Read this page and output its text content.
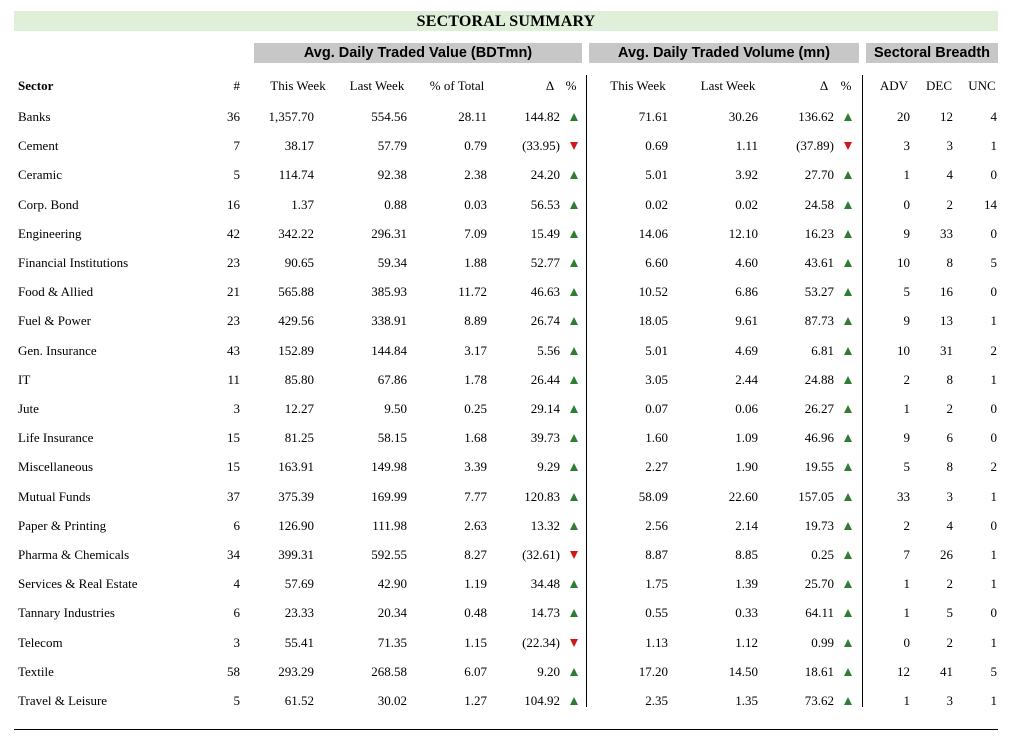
SECTORAL SUMMARY
Avg. Daily Traded Value (BDTmn)	Avg. Daily Traded Volume (mn)	Sectoral Breadth
Sector	#	This Week	Last Week	% of Total	Δ %	This Week	Last Week	Δ %	ADV	DEC	UNC
Banks	36	1,357.70	554.56	28.11	144.82	71.61	30.26	136.62	20	12	4
Cement	7	38.17	57.79	0.79	(33.95)	0.69	1.11	(37.89)	3	3	1
Ceramic	5	114.74	92.38	2.38	24.20	5.01	3.92	27.70	1	4	0
Corp. Bond	16	1.37	0.88	0.03	56.53	0.02	0.02	24.58	0	2	14
Engineering	42	342.22	296.31	7.09	15.49	14.06	12.10	16.23	9	33	0
Financial Institutions	23	90.65	59.34	1.88	52.77	6.60	4.60	43.61	10	8	5
Food & Allied	21	565.88	385.93	11.72	46.63	10.52	6.86	53.27	5	16	0
Fuel & Power	23	429.56	338.91	8.89	26.74	18.05	9.61	87.73	9	13	1
Gen. Insurance	43	152.89	144.84	3.17	5.56	5.01	4.69	6.81	10	31	2
IT	11	85.80	67.86	1.78	26.44	3.05	2.44	24.88	2	8	1
Jute	3	12.27	9.50	0.25	29.14	0.07	0.06	26.27	1	2	0
Life Insurance	15	81.25	58.15	1.68	39.73	1.60	1.09	46.96	9	6	0
Miscellaneous	15	163.91	149.98	3.39	9.29	2.27	1.90	19.55	5	8	2
Mutual Funds	37	375.39	169.99	7.77	120.83	58.09	22.60	157.05	33	3	1
Paper & Printing	6	126.90	111.98	2.63	13.32	2.56	2.14	19.73	2	4	0
Pharma & Chemicals	34	399.31	592.55	8.27	(32.61)	8.87	8.85	0.25	7	26	1
Services & Real Estate	4	57.69	42.90	1.19	34.48	1.75	1.39	25.70	1	2	1
Tannary Industries	6	23.33	20.34	0.48	14.73	0.55	0.33	64.11	1	5	0
Telecom	3	55.41	71.35	1.15	(22.34)	1.13	1.12	0.99	0	2	1
Textile	58	293.29	268.58	6.07	9.20	17.20	14.50	18.61	12	41	5
Travel & Leisure	5	61.52	30.02	1.27	104.92	2.35	1.35	73.62	1	3	1
